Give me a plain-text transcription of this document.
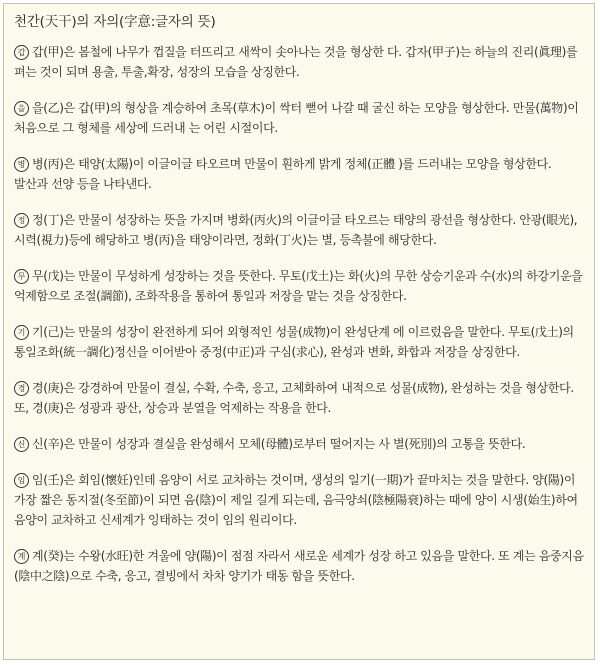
천간(天干)의 자의(字意:글자의 뜻)

갑 갑(甲)은 봄철에 나무가 껍질을 터뜨리고 새싹이 솟아나는 것을 형상한 다. 갑자(甲子)는 하늘의 진리(眞理)를 펴는 것이 되며 용출, 투출,확장, 성장의 모습을 상징한다.

을 을(乙)은 갑(甲)의 형상을 계승하여 초목(草木)이 싹터 뻗어 나갈 때 굴신 하는 모양을 형상한다. 만물(萬物)이 처음으로 그 형체를 세상에 드러내 는 어린 시절이다.

병 병(丙)은 태양(太陽)이 이글이글 타오르며 만물이 훤하게 밝게 정체(正體 )를 드러내는 모양을 형상한다. 발산과 선양 등을 나타낸다.

정 정(丁)은 만물이 성장하는 뜻을 가지며 병화(丙火)의 이글이글 타오르는 태양의 광선을 형상한다. 안광(眼光), 시력(視力)등에 해당하고 병(丙)을 태양이라면, 정화(丁火)는 별, 등촉불에 해당한다.

무 무(戊)는 만물이 무성하게 성장하는 것을 뜻한다. 무토(戊土)는 화(火)의 무한 상승기운과 수(水)의 하강기운을 억제함으로 조절(調節), 조화작용을 통하여 통일과 저장을 맡는 것을 상징한다.

기 기(己)는 만물의 성장이 완전하게 되어 외형적인 성물(成物)이 완성단계 에 이르렀음을 말한다. 무토(戊土)의 통일조화(統一調化)정신을 이어받아 중정(中正)과 구심(求心), 완성과 변화, 화합과 저장을 상징한다.

경 경(庚)은 강경하여 만물이 결실, 수확, 수축, 응고, 고체화하여 내적으로 성물(成物), 완성하는 것을 형상한다. 또, 경(庚)은 성광과 광산, 상승과 분열을 억제하는 작용을 한다.

신 신(辛)은 만물이 성장과 결실을 완성해서 모체(母體)로부터 떨어지는 사 별(死別)의 고통을 뜻한다.

임 임(壬)은 회임(懷妊)인데 음양이 서로 교차하는 것이며, 생성의 일기(一期)가 끝마치는 것을 말한다. 양(陽)이 가장 짧은 동지절(冬至節)이 되면 음(陰)이 제일 길게 되는데, 음극양쇠(陰極陽衰)하는 때에 양이 시생(始生)하여 음양이 교차하고 신세계가 잉태하는 것이 임의 원리이다.

계 계(癸)는 수왕(水旺)한 겨울에 양(陽)이 점점 자라서 새로운 세계가 성장 하고 있음을 말한다. 또 계는 음중지음(陰中之陰)으로 수축, 응고, 결빙에서 차차 양기가 태동 함을 뜻한다.
